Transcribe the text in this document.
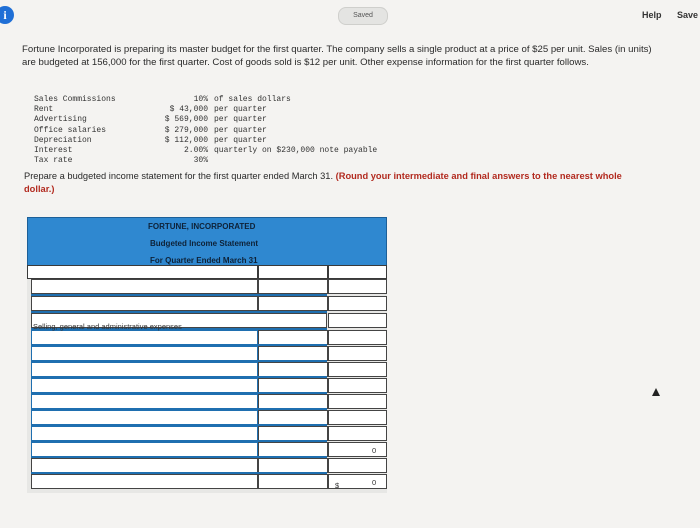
i	Saved	Help Save
Fortune Incorporated is preparing its master budget for the first quarter. The company sells a single product at a price of $25 per unit. Sales (in units) are budgeted at 156,000 for the first quarter. Cost of goods sold is $12 per unit. Other expense information for the first quarter follows.
Sales Commissions	10% of sales dollars
Rent	$ 43,000 per quarter
Advertising	$ 569,000 per quarter
Office salaries	$ 279,000 per quarter
Depreciation	$ 112,000 per quarter
Interest	2.00% quarterly on $230,000 note payable
Tax rate	30%
Prepare a budgeted income statement for the first quarter ended March 31. (Round your intermediate and final answers to the nearest whole dollar.)
FORTUNE, INCORPORATED
Budgeted Income Statement
For Quarter Ended March 31
Selling, general and administrative expenses
0
$	0
